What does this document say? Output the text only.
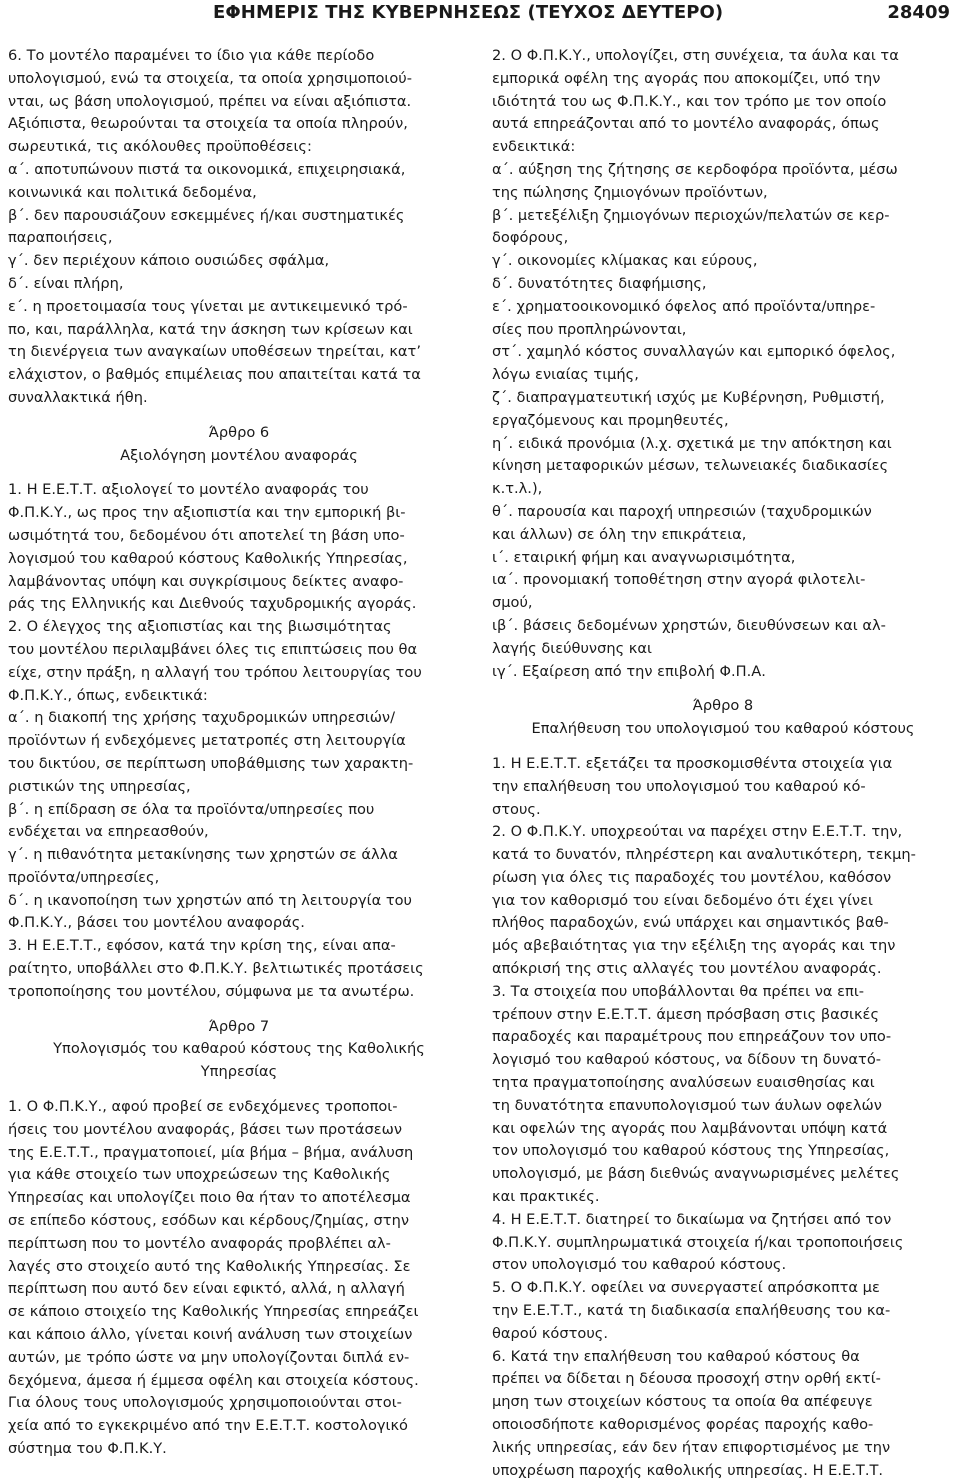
ΕΦΗΜΕΡΙΣ ΤΗΣ ΚΥΒΕΡΝΗΣΕΩΣ (ΤΕΥΧΟΣ ΔΕΥΤΕΡΟ)	28409

6. Το μοντέλο παραμένει το ίδιο για κάθε περίοδο
υπολογισμού, ενώ τα στοιχεία, τα οποία χρησιμοποιού-
νται, ως βάση υπολογισμού, πρέπει να είναι αξιόπιστα.
Αξιόπιστα, θεωρούνται τα στοιχεία τα οποία πληρούν,
σωρευτικά, τις ακόλουθες προϋποθέσεις:

α΄. αποτυπώνουν πιστά τα οικονομικά, επιχειρησιακά,
κοινωνικά και πολιτικά δεδομένα,

β΄. δεν παρουσιάζουν εσκεμμένες ή/και συστηματικές
παραποιήσεις,

γ΄. δεν περιέχουν κάποιο ουσιώδες σφάλμα,

δ΄. είναι πλήρη,

ε΄. η προετοιμασία τους γίνεται με αντικειμενικό τρό-
πο, και, παράλληλα, κατά την άσκηση των κρίσεων και
τη διενέργεια των αναγκαίων υποθέσεων τηρείται, κατ’
ελάχιστον, ο βαθμός επιμέλειας που απαιτείται κατά τα
συναλλακτικά ήθη.

Άρθρο 6

Αξιολόγηση μοντέλου αναφοράς

1. Η Ε.Ε.Τ.Τ. αξιολογεί το μοντέλο αναφοράς του
Φ.Π.Κ.Υ., ως προς την αξιοπιστία και την εμπορική βι-
ωσιμότητά του, δεδομένου ότι αποτελεί τη βάση υπο-
λογισμού του καθαρού κόστους Καθολικής Υπηρεσίας,
λαμβάνοντας υπόψη και συγκρίσιμους δείκτες αναφο-
ράς της Ελληνικής και Διεθνούς ταχυδρομικής αγοράς.

2. Ο έλεγχος της αξιοπιστίας και της βιωσιμότητας
του μοντέλου περιλαμβάνει όλες τις επιπτώσεις που θα
είχε, στην πράξη, η αλλαγή του τρόπου λειτουργίας του
Φ.Π.Κ.Υ., όπως, ενδεικτικά:

α΄. η διακοπή της χρήσης ταχυδρομικών υπηρεσιών/
προϊόντων ή ενδεχόμενες μετατροπές στη λειτουργία
του δικτύου, σε περίπτωση υποβάθμισης των χαρακτη-
ριστικών της υπηρεσίας,

β΄. η επίδραση σε όλα τα προϊόντα/υπηρεσίες που
ενδέχεται να επηρεασθούν,

γ΄. η πιθανότητα μετακίνησης των χρηστών σε άλλα
προϊόντα/υπηρεσίες,

δ΄. η ικανοποίηση των χρηστών από τη λειτουργία του
Φ.Π.Κ.Υ., βάσει του μοντέλου αναφοράς.

3. Η Ε.Ε.Τ.Τ., εφόσον, κατά την κρίση της, είναι απα-
ραίτητο, υποβάλλει στο Φ.Π.Κ.Υ. βελτιωτικές προτάσεις
τροποποίησης του μοντέλου, σύμφωνα με τα ανωτέρω.

Άρθρο 7

Υπολογισμός του καθαρού κόστους της Καθολικής
Υπηρεσίας

1. Ο Φ.Π.Κ.Υ., αφού προβεί σε ενδεχόμενες τροποποι-
ήσεις του μοντέλου αναφοράς, βάσει των προτάσεων
της Ε.Ε.Τ.Τ., πραγματοποιεί, μία βήμα – βήμα, ανάλυση
για κάθε στοιχείο των υποχρεώσεων της Καθολικής
Υπηρεσίας και υπολογίζει ποιο θα ήταν το αποτέλεσμα
σε επίπεδο κόστους, εσόδων και κέρδους/ζημίας, στην
περίπτωση που το μοντέλο αναφοράς προβλέπει αλ-
λαγές στο στοιχείο αυτό της Καθολικής Υπηρεσίας. Σε
περίπτωση που αυτό δεν είναι εφικτό, αλλά, η αλλαγή
σε κάποιο στοιχείο της Καθολικής Υπηρεσίας επηρεάζει
και κάποιο άλλο, γίνεται κοινή ανάλυση των στοιχείων
αυτών, με τρόπο ώστε να μην υπολογίζονται διπλά εν-
δεχόμενα, άμεσα ή έμμεσα οφέλη και στοιχεία κόστους.

Για όλους τους υπολογισμούς χρησιμοποιούνται στοι-
χεία από το εγκεκριμένο από την Ε.Ε.Τ.Τ. κοστολογικό
σύστημα του Φ.Π.Κ.Υ.

2. Ο Φ.Π.Κ.Υ., υπολογίζει, στη συνέχεια, τα άυλα και τα
εμπορικά οφέλη της αγοράς που αποκομίζει, υπό την
ιδιότητά του ως Φ.Π.Κ.Υ., και τον τρόπο με τον οποίο
αυτά επηρεάζονται από το μοντέλο αναφοράς, όπως
ενδεικτικά:

α΄. αύξηση της ζήτησης σε κερδοφόρα προϊόντα, μέσω
της πώλησης ζημιογόνων προϊόντων,

β΄. μετεξέλιξη ζημιογόνων περιοχών/πελατών σε κερ-
δοφόρους,

γ΄. οικονομίες κλίμακας και εύρους,

δ΄. δυνατότητες διαφήμισης,

ε΄. χρηματοοικονομικό όφελος από προϊόντα/υπηρε-
σίες που προπληρώνονται,

στ΄. χαμηλό κόστος συναλλαγών και εμπορικό όφελος,
λόγω ενιαίας τιμής,

ζ΄. διαπραγματευτική ισχύς με Κυβέρνηση, Ρυθμιστή,
εργαζόμενους και προμηθευτές,

η΄. ειδικά προνόμια (λ.χ. σχετικά με την απόκτηση και
κίνηση μεταφορικών μέσων, τελωνειακές διαδικασίες
κ.τ.λ.),

θ΄. παρουσία και παροχή υπηρεσιών (ταχυδρομικών
και άλλων) σε όλη την επικράτεια,

ι΄. εταιρική φήμη και αναγνωρισιμότητα,

ια΄. προνομιακή τοποθέτηση στην αγορά φιλοτελι-
σμού,

ιβ΄. βάσεις δεδομένων χρηστών, διευθύνσεων και αλ-
λαγής διεύθυνσης και

ιγ΄. Εξαίρεση από την επιβολή Φ.Π.Α.

Άρθρο 8

Επαλήθευση του υπολογισμού του καθαρού κόστους

1. Η Ε.Ε.Τ.Τ. εξετάζει τα προσκομισθέντα στοιχεία για
την επαλήθευση του υπολογισμού του καθαρού κό-
στους.

2. Ο Φ.Π.Κ.Υ. υποχρεούται να παρέχει στην Ε.Ε.Τ.Τ. την,
κατά το δυνατόν, πληρέστερη και αναλυτικότερη, τεκμη-
ρίωση για όλες τις παραδοχές του μοντέλου, καθόσον
για τον καθορισμό του είναι δεδομένο ότι έχει γίνει
πλήθος παραδοχών, ενώ υπάρχει και σημαντικός βαθ-
μός αβεβαιότητας για την εξέλιξη της αγοράς και την
απόκρισή της στις αλλαγές του μοντέλου αναφοράς.

3. Τα στοιχεία που υποβάλλονται θα πρέπει να επι-
τρέπουν στην Ε.Ε.Τ.Τ. άμεση πρόσβαση στις βασικές
παραδοχές και παραμέτρους που επηρεάζουν τον υπο-
λογισμό του καθαρού κόστους, να δίδουν τη δυνατό-
τητα πραγματοποίησης αναλύσεων ευαισθησίας και
τη δυνατότητα επανυπολογισμού των άυλων οφελών
και οφελών της αγοράς που λαμβάνονται υπόψη κατά
τον υπολογισμό του καθαρού κόστους της Υπηρεσίας,
υπολογισμό, με βάση διεθνώς αναγνωρισμένες μελέτες
και πρακτικές.

4. Η Ε.Ε.Τ.Τ. διατηρεί το δικαίωμα να ζητήσει από τον
Φ.Π.Κ.Υ. συμπληρωματικά στοιχεία ή/και τροποποιήσεις
στον υπολογισμό του καθαρού κόστους.

5. Ο Φ.Π.Κ.Υ. οφείλει να συνεργαστεί απρόσκοπτα με
την Ε.Ε.Τ.Τ., κατά τη διαδικασία επαλήθευσης του κα-
θαρού κόστους.

6. Κατά την επαλήθευση του καθαρού κόστους θα
πρέπει να δίδεται η δέουσα προσοχή στην ορθή εκτί-
μηση των στοιχείων κόστους τα οποία θα απέφευγε
οποιοσδήποτε καθορισμένος φορέας παροχής καθο-
λικής υπηρεσίας, εάν δεν ήταν επιφορτισμένος με την
υποχρέωση παροχής καθολικής υπηρεσίας. Η Ε.Ε.Τ.Τ.
